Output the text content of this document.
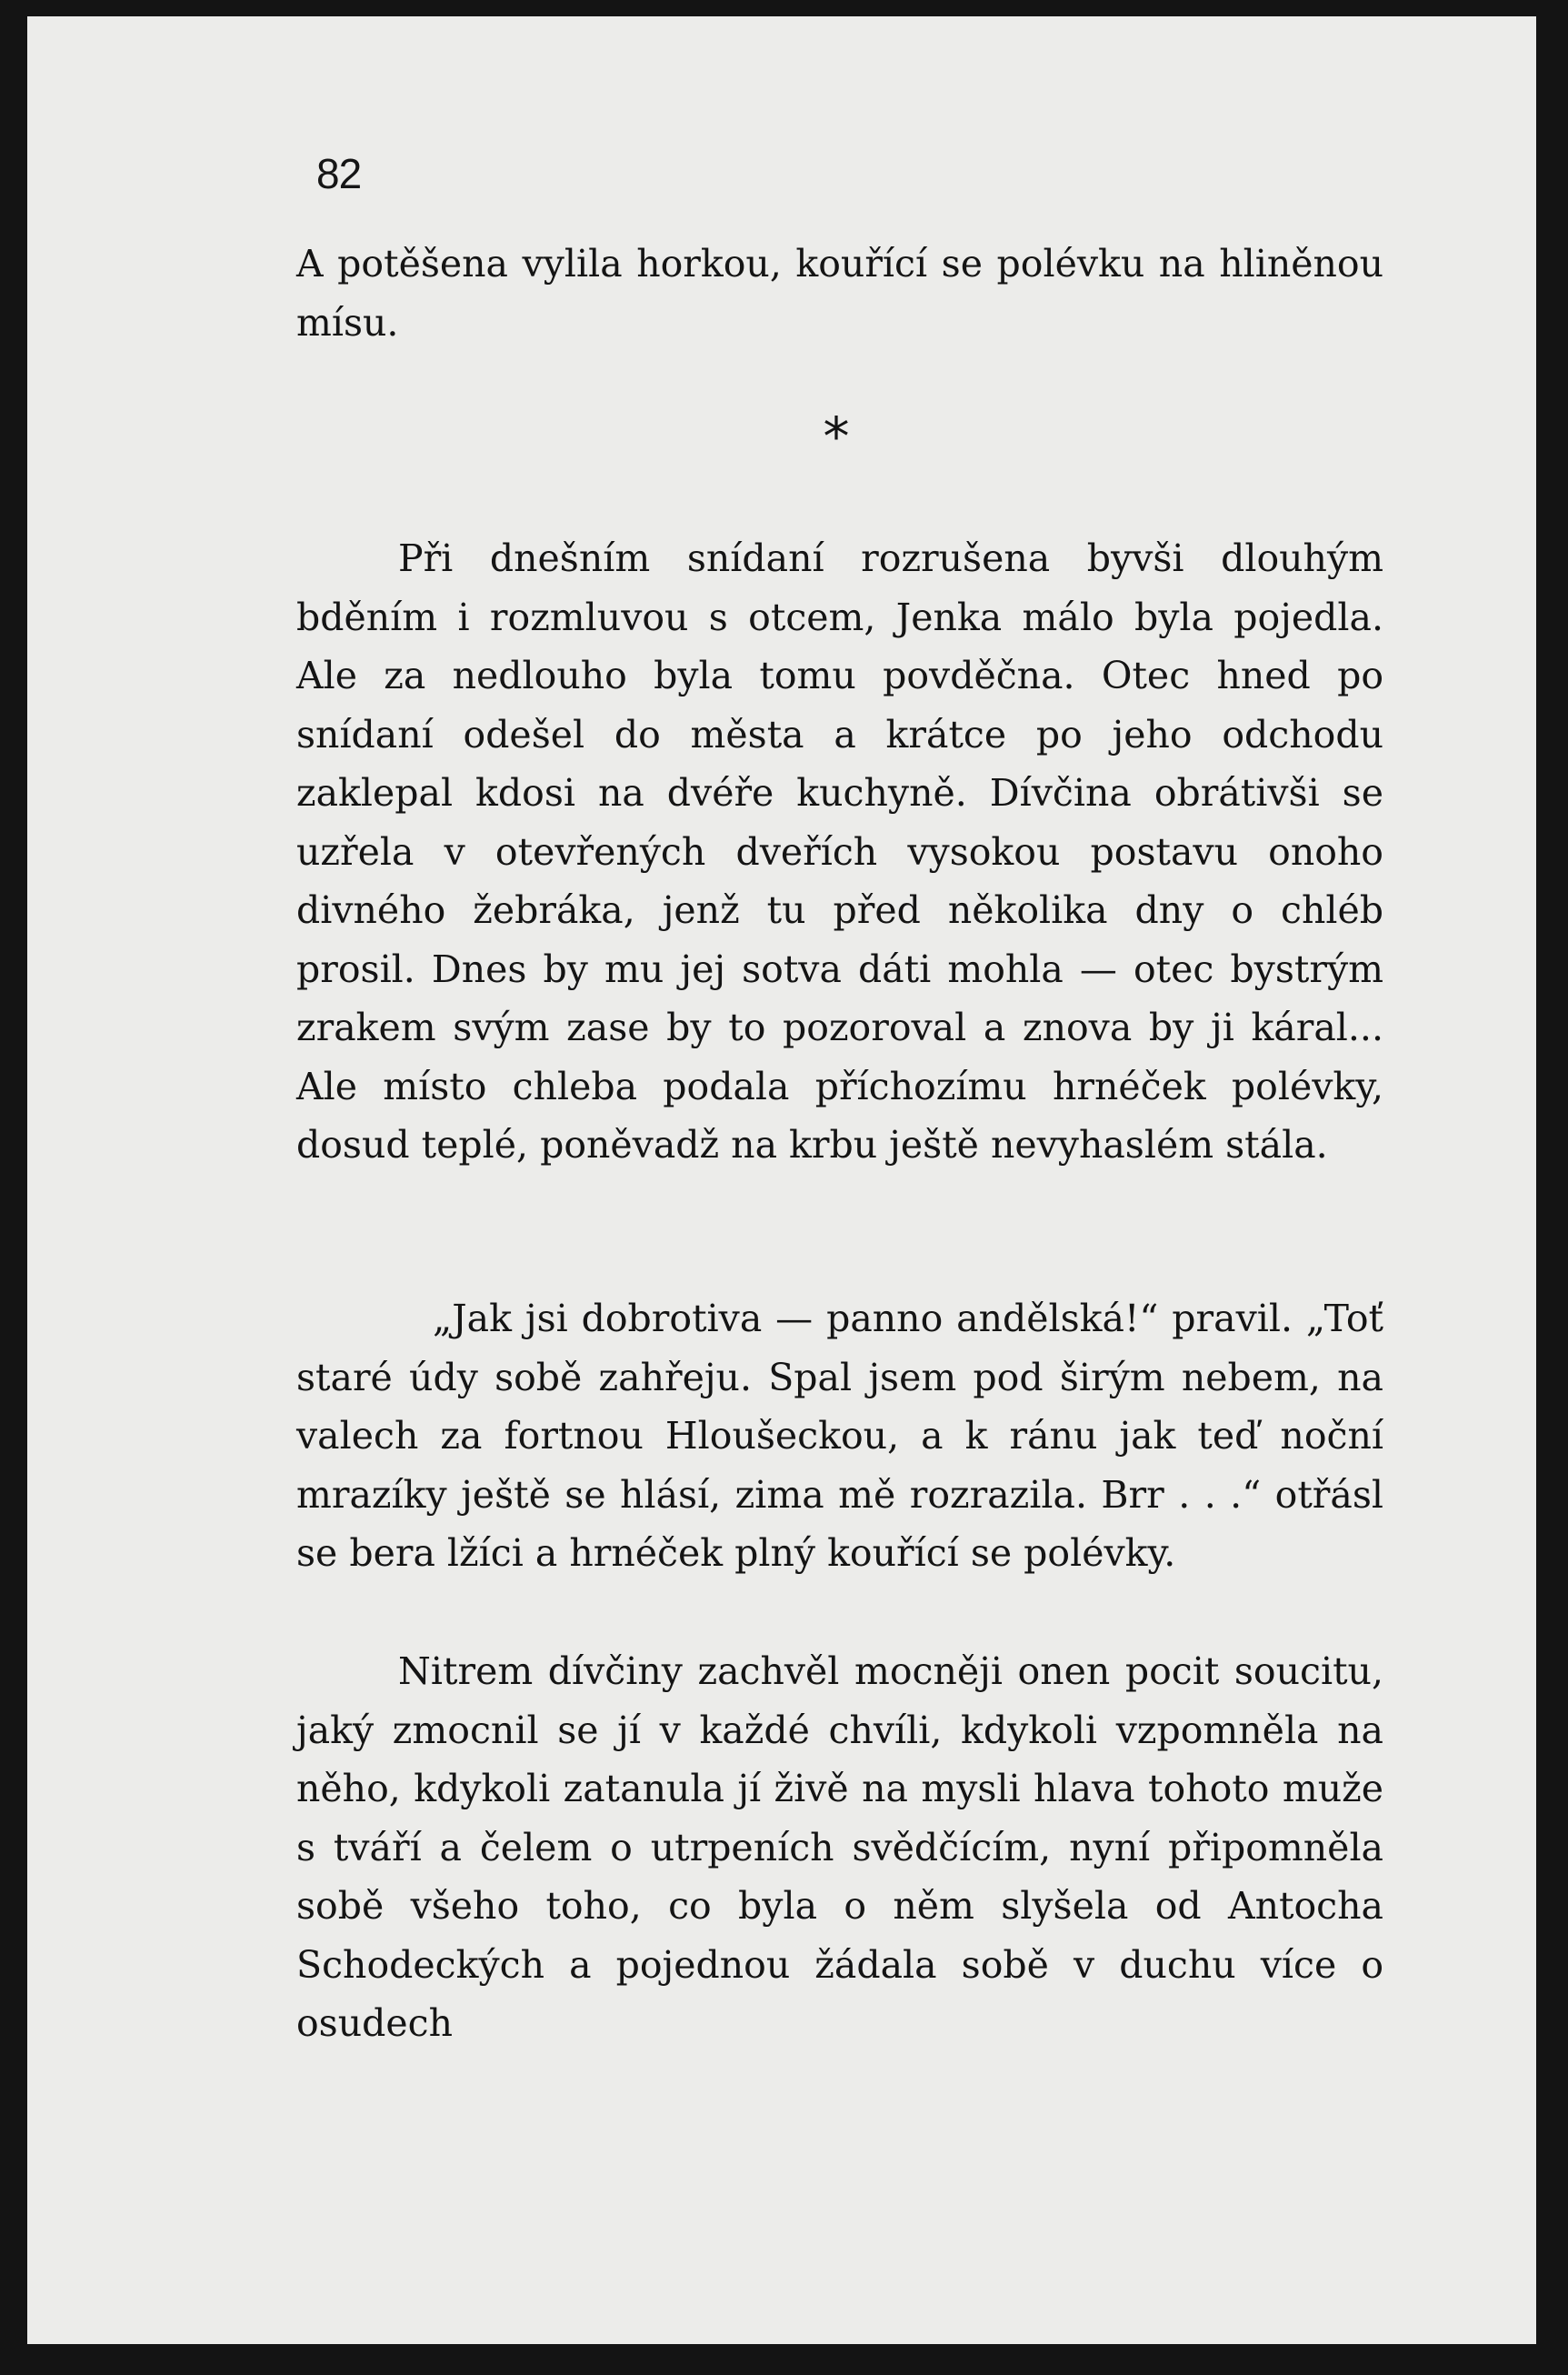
82

A potěšena vylila horkou, kouřící se polévku na hliněnou mísu.

*

Při dnešním snídaní rozrušena byvši dlouhým bděním i rozmluvou s otcem, Jenka málo byla pojedla. Ale za nedlouho byla tomu povděčna. Otec hned po snídaní odešel do města a krátce po jeho odchodu zaklepal kdosi na dvéře kuchyně. Dívčina obrátivši se uzřela v otevřených dveřích vysokou postavu onoho divného žebráka, jenž tu před několika dny o chléb prosil. Dnes by mu jej sotva dáti mohla — otec bystrým zrakem svým zase by to pozoroval a znova by ji káral... Ale místo chleba podala příchozímu hrnéček polévky, dosud teplé, poněvadž na krbu ještě nevyhaslém stála.

„Jak jsi dobrotiva — panno andělská!“ pravil. „Toť staré údy sobě zahřeju. Spal jsem pod širým nebem, na valech za fortnou Hloušeckou, a k ránu jak teď noční mrazíky ještě se hlásí, zima mě rozrazila. Brr . . .“ otřásl se bera lžíci a hrnéček plný kouřící se polévky.

Nitrem dívčiny zachvěl mocněji onen pocit soucitu, jaký zmocnil se jí v každé chvíli, kdykoli vzpomněla na něho, kdykoli zatanula jí živě na mysli hlava tohoto muže s tváří a čelem o utrpeních svědčícím, nyní připomněla sobě všeho toho, co byla o něm slyšela od Antocha Schodeckých a pojednou žádala sobě v duchu více o osudech
